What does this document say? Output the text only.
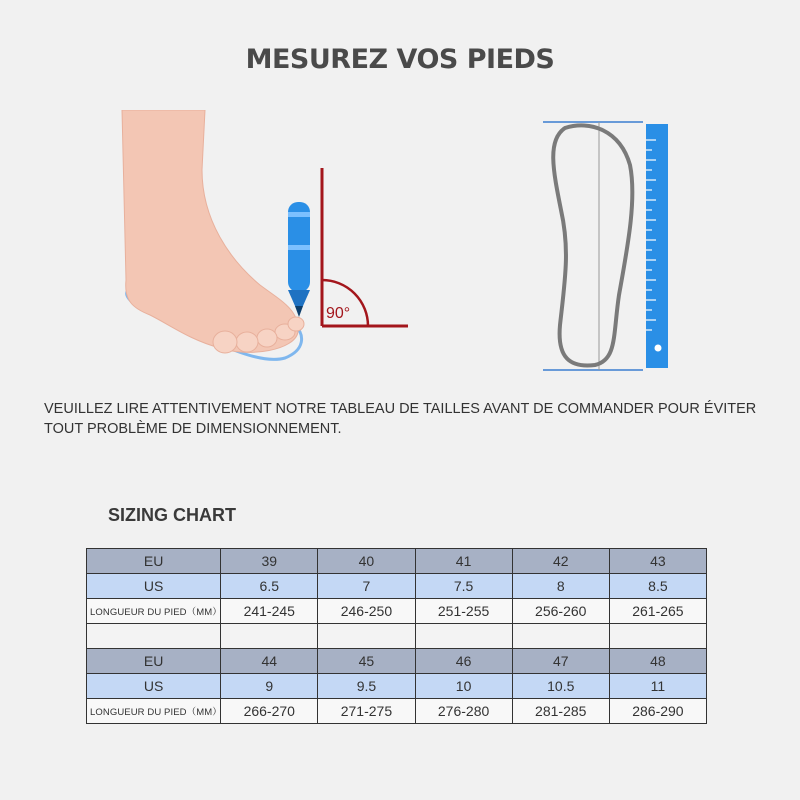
MESUREZ VOS PIEDS
90°
VEUILLEZ LIRE ATTENTIVEMENT NOTRE TABLEAU DE TAILLES AVANT DE COMMANDER POUR ÉVITER TOUT PROBLÈME DE DIMENSIONNEMENT.
SIZING CHART
EU	39	40	41	42	43
US	6.5	7	7.5	8	8.5
LONGUEUR DU PIED（MM）	241-245	246-250	251-255	256-260	261-265

EU	44	45	46	47	48
US	9	9.5	10	10.5	11
LONGUEUR DU PIED（MM）	266-270	271-275	276-280	281-285	286-290
